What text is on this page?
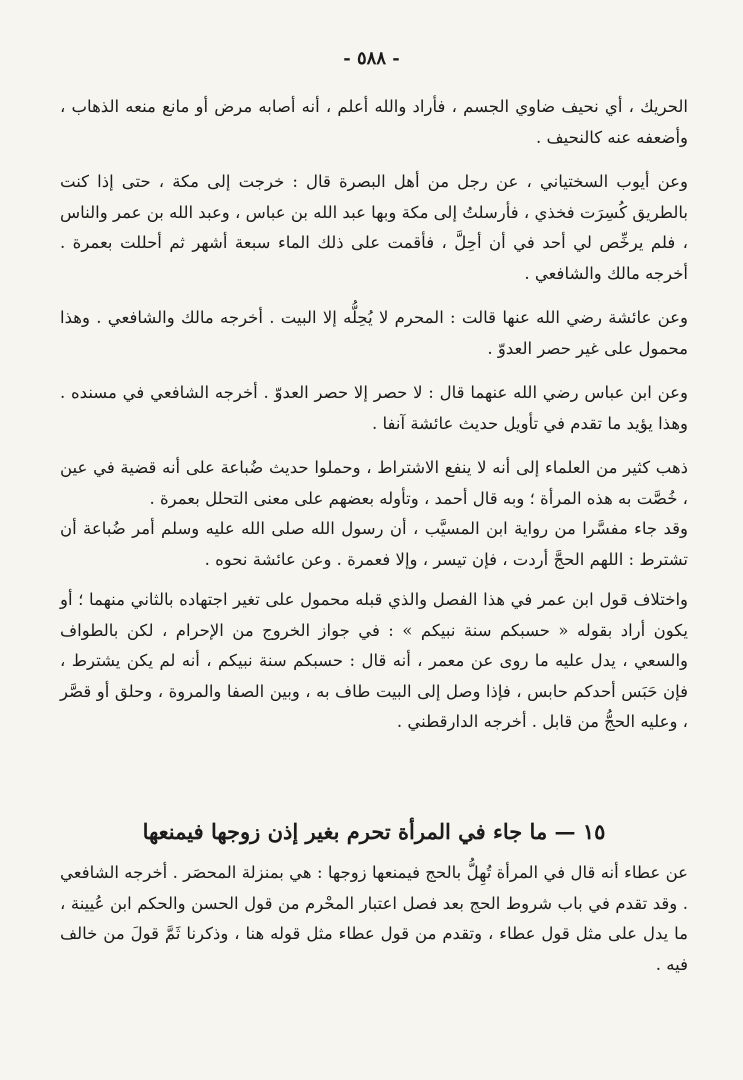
- ٥٨٨ -

الحريك ، أي نحيف ضاوي الجسم ، فأراد والله أعلم ، أنه أصابه مرض أو مانع منعه الذهاب ، وأضعفه عنه كالنحيف .

وعن أيوب السختياني ، عن رجل من أهل البصرة قال : خرجت إلى مكة ، حتى إذا كنت بالطريق كُسِرَت فخذي ، فأرسلتُ إلى مكة وبها عبد الله بن عباس ، وعبد الله بن عمر والناس ، فلم يرخِّص لي أحد في أن أحِلَّ ، فأقمت على ذلك الماء سبعة أشهر ثم أحللت بعمرة . أخرجه مالك والشافعي .

وعن عائشة رضي الله عنها قالت : المحرم لا يُحِلُّه إلا البيت . أخرجه مالك والشافعي . وهذا محمول على غير حصر العدوّ .

وعن ابن عباس رضي الله عنهما قال : لا حصر إلا حصر العدوّ . أخرجه الشافعي في مسنده . وهذا يؤيد ما تقدم في تأويل حديث عائشة آنفا .

ذهب كثير من العلماء إلى أنه لا ينفع الاشتراط ، وحملوا حديث ضُباعة على أنه قضية في عين ، خُصَّت به هذه المرأة ؛ وبه قال أحمد ، وتأوله بعضهم على معنى التحلل بعمرة .

وقد جاء مفسَّرا من رواية ابن المسيَّب ، أن رسول الله صلى الله عليه وسلم أمر ضُباعة أن تشترط : اللهم الحجَّ أردت ، فإن تيسر ، وإلا فعمرة . وعن عائشة نحوه .

واختلاف قول ابن عمر في هذا الفصل والذي قبله محمول على تغير اجتهاده بالثاني منهما ؛ أو يكون أراد بقوله « حسبكم سنة نبيكم » : في جواز الخروج من الإحرام ، لكن بالطواف والسعي ، يدل عليه ما روى عن معمر ، أنه قال : حسبكم سنة نبيكم ، أنه لم يكن يشترط ، فإن حَبَس أحدكم حابس ، فإذا وصل إلى البيت طاف به ، وبين الصفا والمروة ، وحلق أو قصَّر ، وعليه الحجُّ من قابل . أخرجه الدارقطني .

١٥ — ما جاء في المرأة تحرم بغير إذن زوجها فيمنعها

عن عطاء أنه قال في المرأة تُهِلُّ بالحج فيمنعها زوجها : هي بمنزلة المحصَر . أخرجه الشافعي . وقد تقدم في باب شروط الحج بعد فصل اعتبار المحْرم من قول الحسن والحكم ابن عُيينة ، ما يدل على مثل قول عطاء ، وتقدم من قول عطاء مثل قوله هنا ، وذكرنا ثَمَّ قولَ من خالف فيه .
